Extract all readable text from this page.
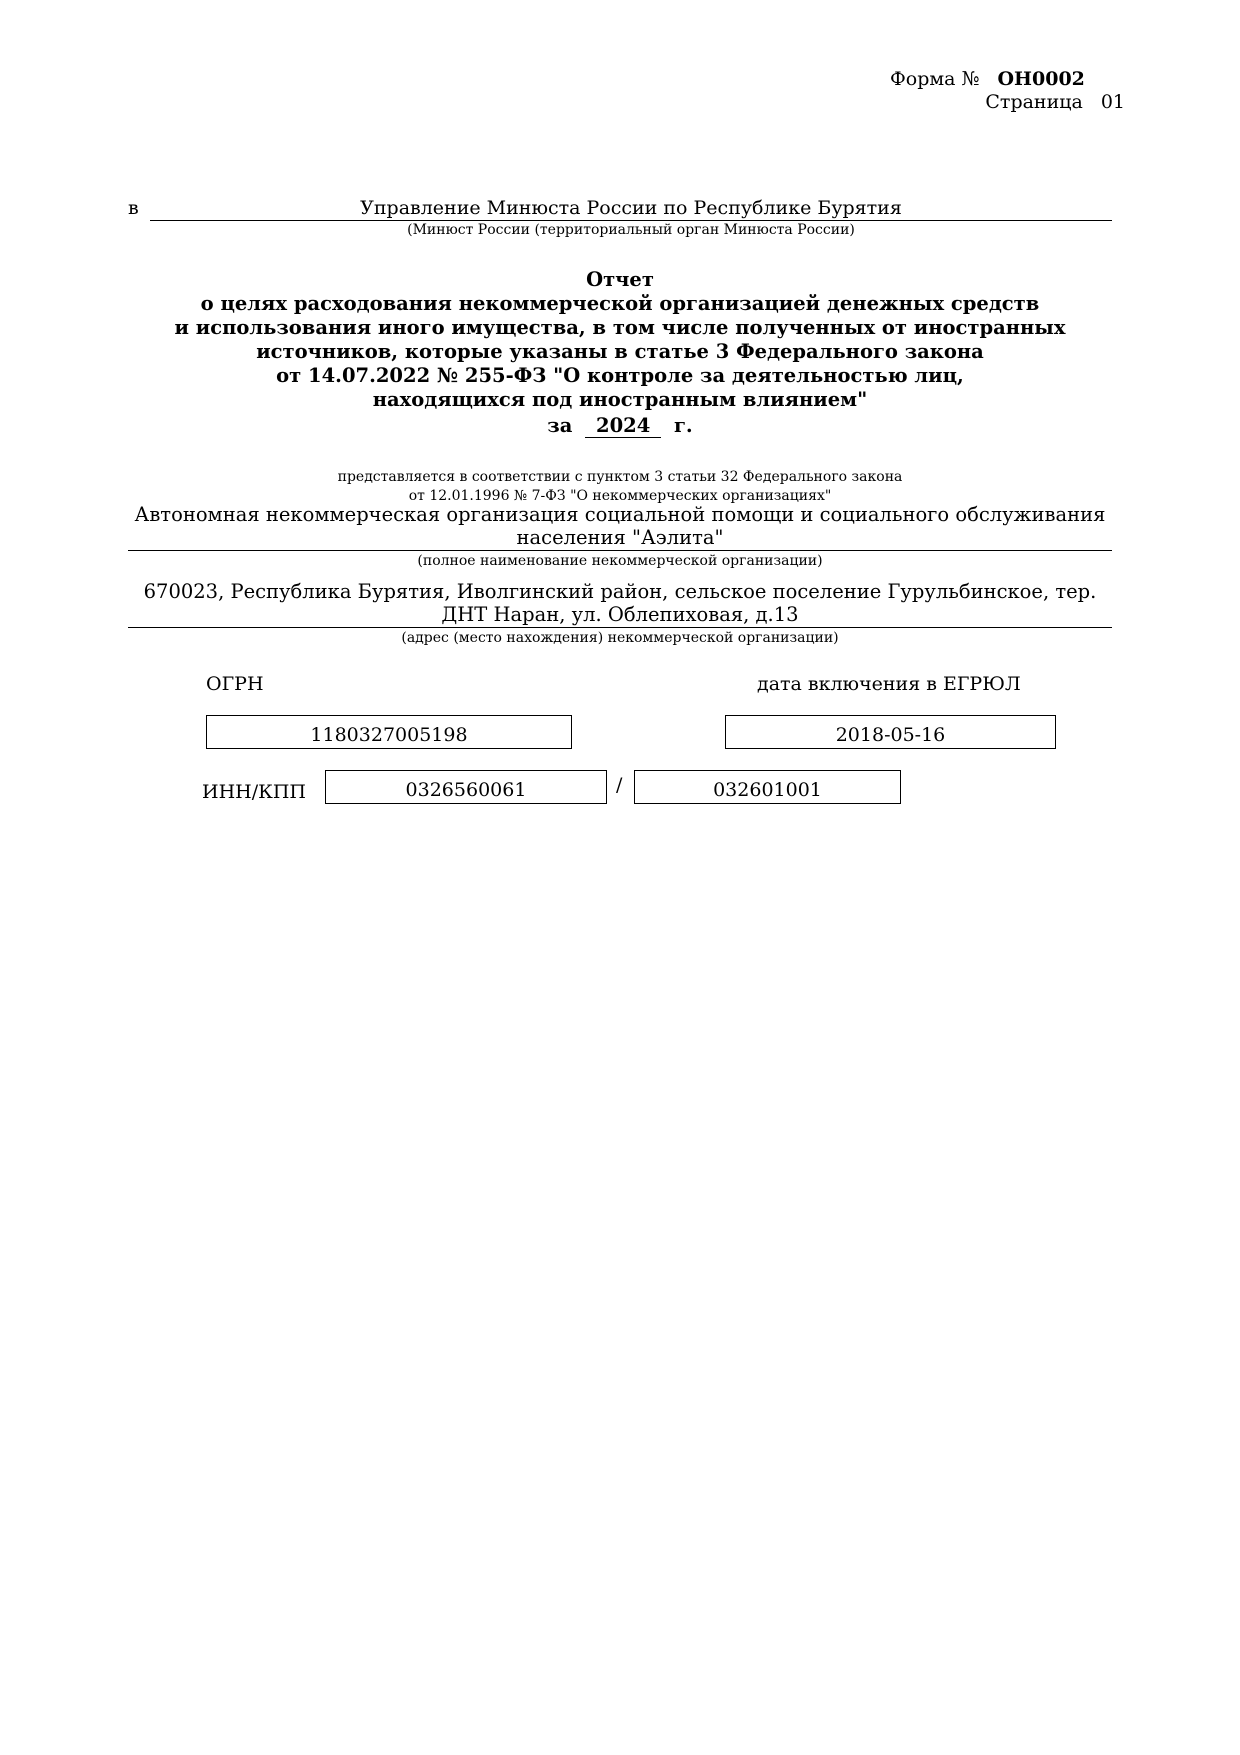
Форма № ОН0002
Страница 01
в	Управление Минюста России по Республике Бурятия
(Минюст России (территориальный орган Минюста России)
Отчет
о целях расходования некоммерческой организацией денежных средств
и использования иного имущества, в том числе полученных от иностранных
источников, которые указаны в статье 3 Федерального закона
от 14.07.2022 № 255-ФЗ "О контроле за деятельностью лиц,
находящихся под иностранным влиянием"
за 2024 г.
представляется в соответствии с пунктом 3 статьи 32 Федерального закона
от 12.01.1996 № 7-ФЗ "О некоммерческих организациях"
Автономная некоммерческая организация социальной помощи и социального обслуживания
населения "Аэлита"
(полное наименование некоммерческой организации)
670023, Республика Бурятия, Иволгинский район, сельское поселение Гурульбинское, тер.
ДНТ Наран, ул. Облепиховая, д.13
(адрес (место нахождения) некоммерческой организации)
ОГРН	дата включения в ЕГРЮЛ
1180327005198	2018-05-16
ИНН/КПП	0326560061	/	032601001
